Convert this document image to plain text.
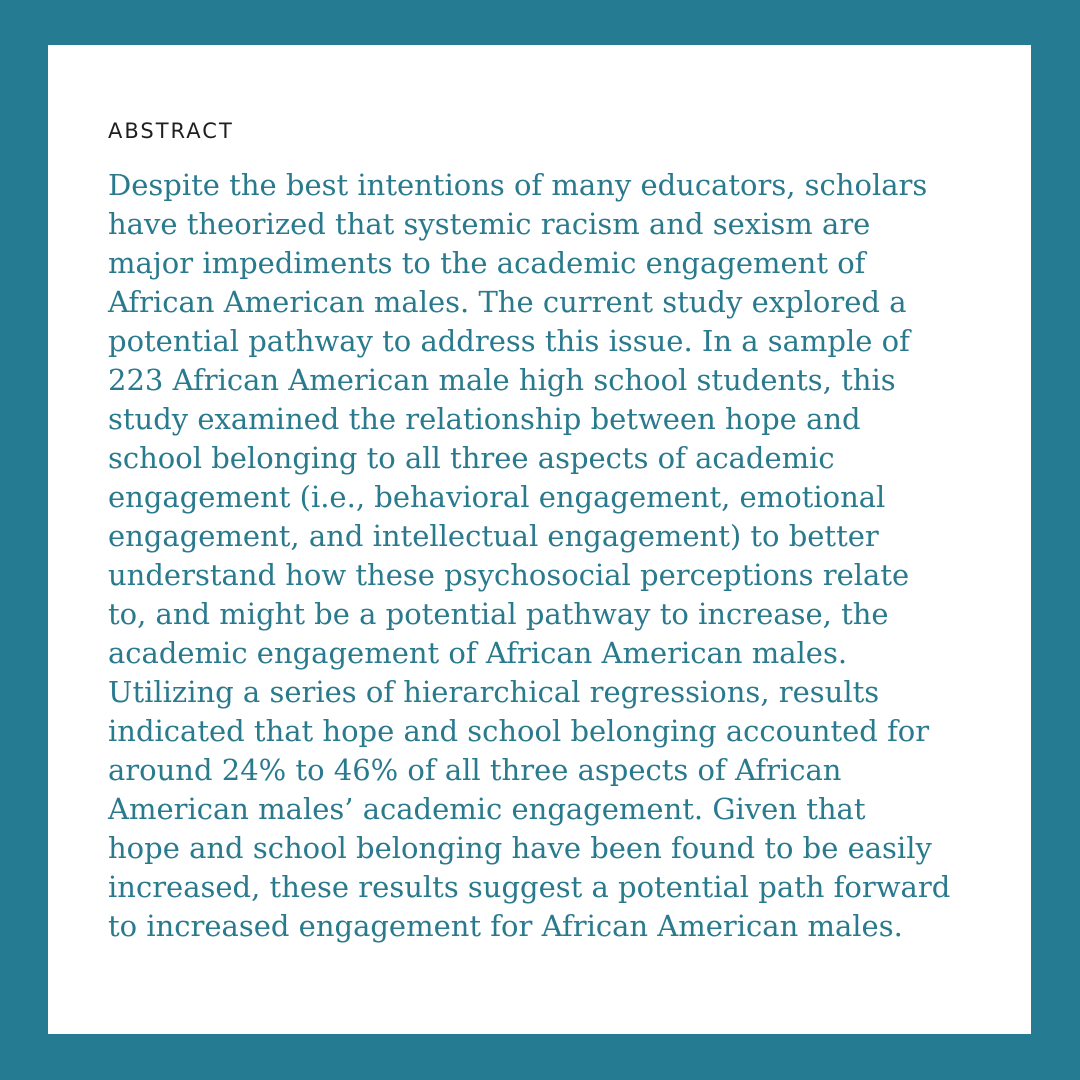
ABSTRACT

Despite the best intentions of many educators, scholars
have theorized that systemic racism and sexism are
major impediments to the academic engagement of
African American males. The current study explored a
potential pathway to address this issue. In a sample of
223 African American male high school students, this
study examined the relationship between hope and
school belonging to all three aspects of academic
engagement (i.e., behavioral engagement, emotional
engagement, and intellectual engagement) to better
understand how these psychosocial perceptions relate
to, and might be a potential pathway to increase, the
academic engagement of African American males.
Utilizing a series of hierarchical regressions, results
indicated that hope and school belonging accounted for
around 24% to 46% of all three aspects of African
American males’ academic engagement. Given that
hope and school belonging have been found to be easily
increased, these results suggest a potential path forward
to increased engagement for African American males.
